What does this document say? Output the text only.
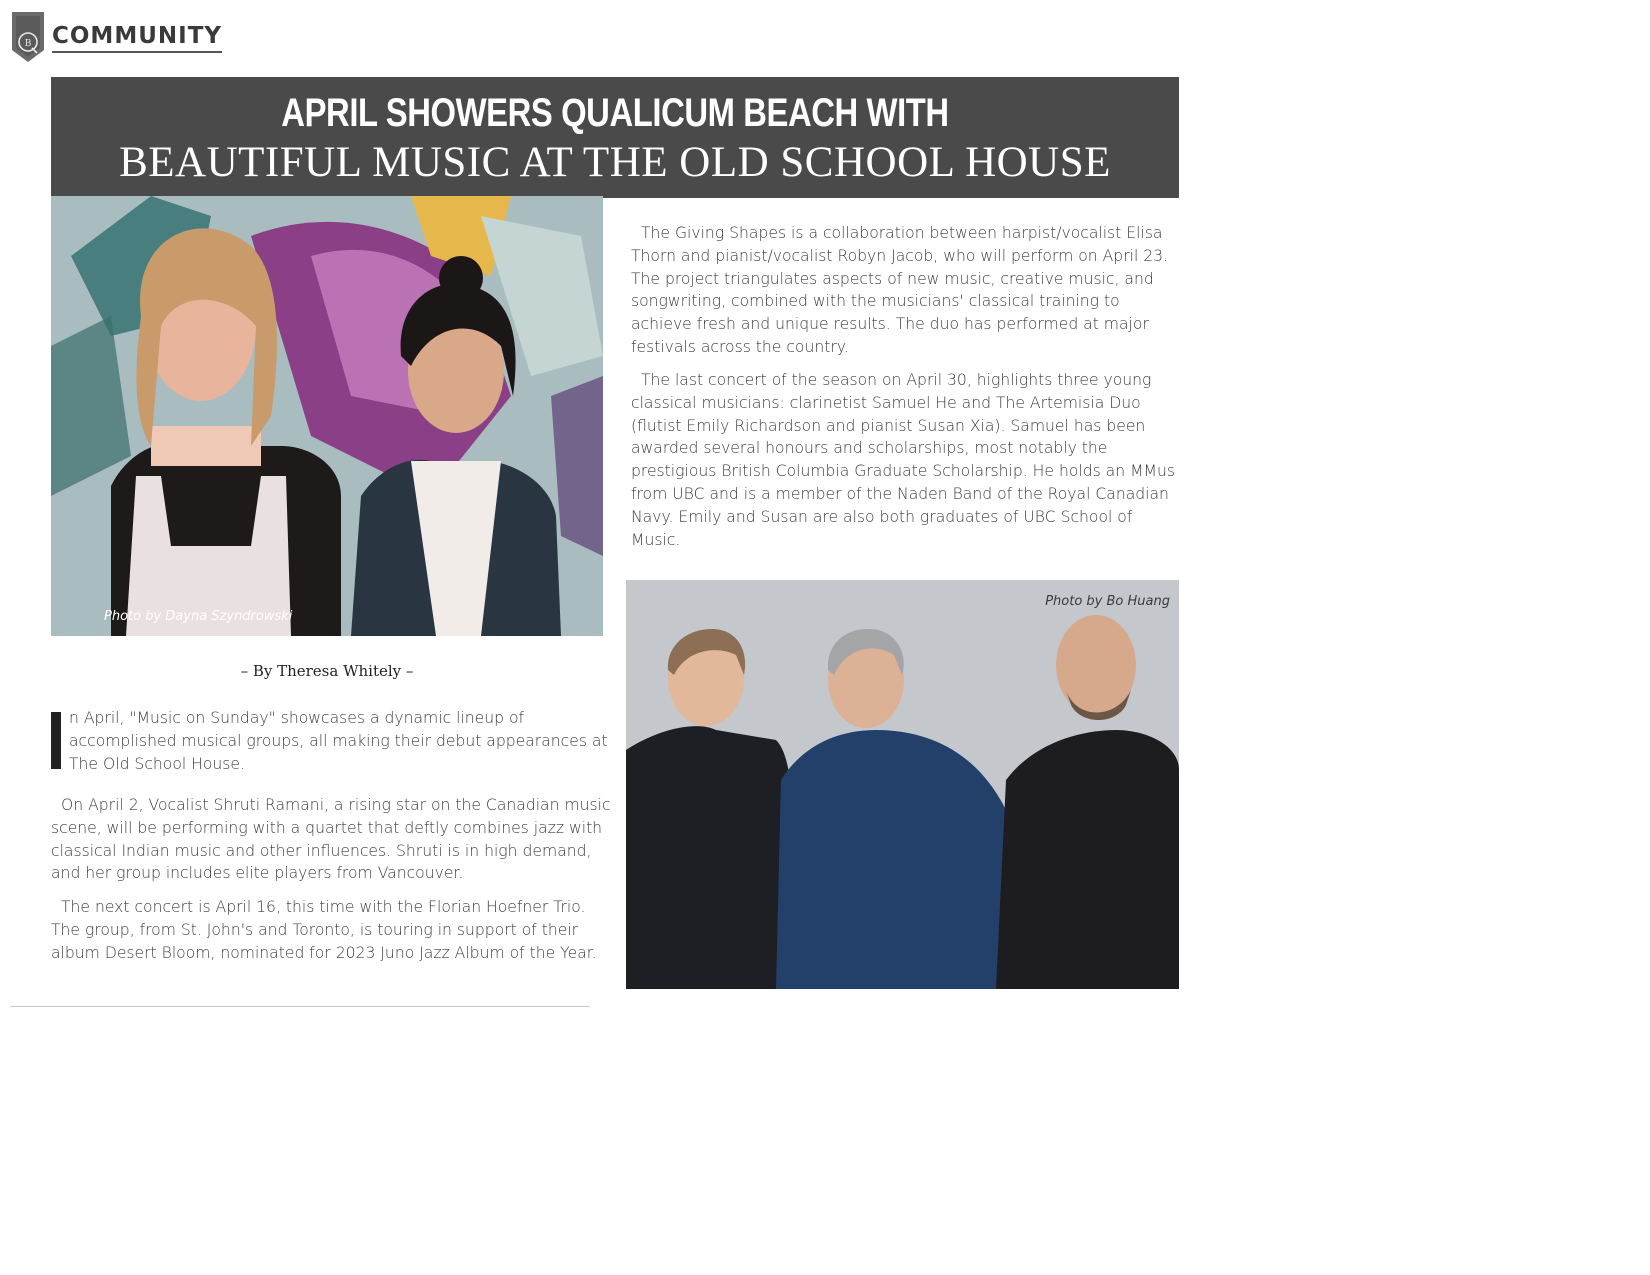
B COMMUNITY
APRIL SHOWERS QUALICUM BEACH WITH
BEAUTIFUL MUSIC AT THE OLD SCHOOL HOUSE
Photo by Dayna Szyndrowski
Photo by Bo Huang
– By Theresa Whitely –
n April, "Music on Sunday" showcases a dynamic lineup of accomplished musical groups, all making their debut appearances at The Old School House.
On April 2, Vocalist Shruti Ramani, a rising star on the Canadian music scene, will be performing with a quartet that deftly combines jazz with classical Indian music and other influences. Shruti is in high demand, and her group includes elite players from Vancouver.
The next concert is April 16, this time with the Florian Hoefner Trio. The group, from St. John's and Toronto, is touring in support of their album Desert Bloom, nominated for 2023 Juno Jazz Album of the Year.
The Giving Shapes is a collaboration between harpist/vocalist Elisa Thorn and pianist/vocalist Robyn Jacob, who will perform on April 23. The project triangulates aspects of new music, creative music, and songwriting, combined with the musicians' classical training to achieve fresh and unique results. The duo has performed at major festivals across the country.
The last concert of the season on April 30, highlights three young classical musicians: clarinetist Samuel He and The Artemisia Duo (flutist Emily Richardson and pianist Susan Xia). Samuel has been awarded several honours and scholarships, most notably the prestigious British Columbia Graduate Scholarship. He holds an MMus from UBC and is a member of the Naden Band of the Royal Canadian Navy. Emily and Susan are also both graduates of UBC School of Music.
